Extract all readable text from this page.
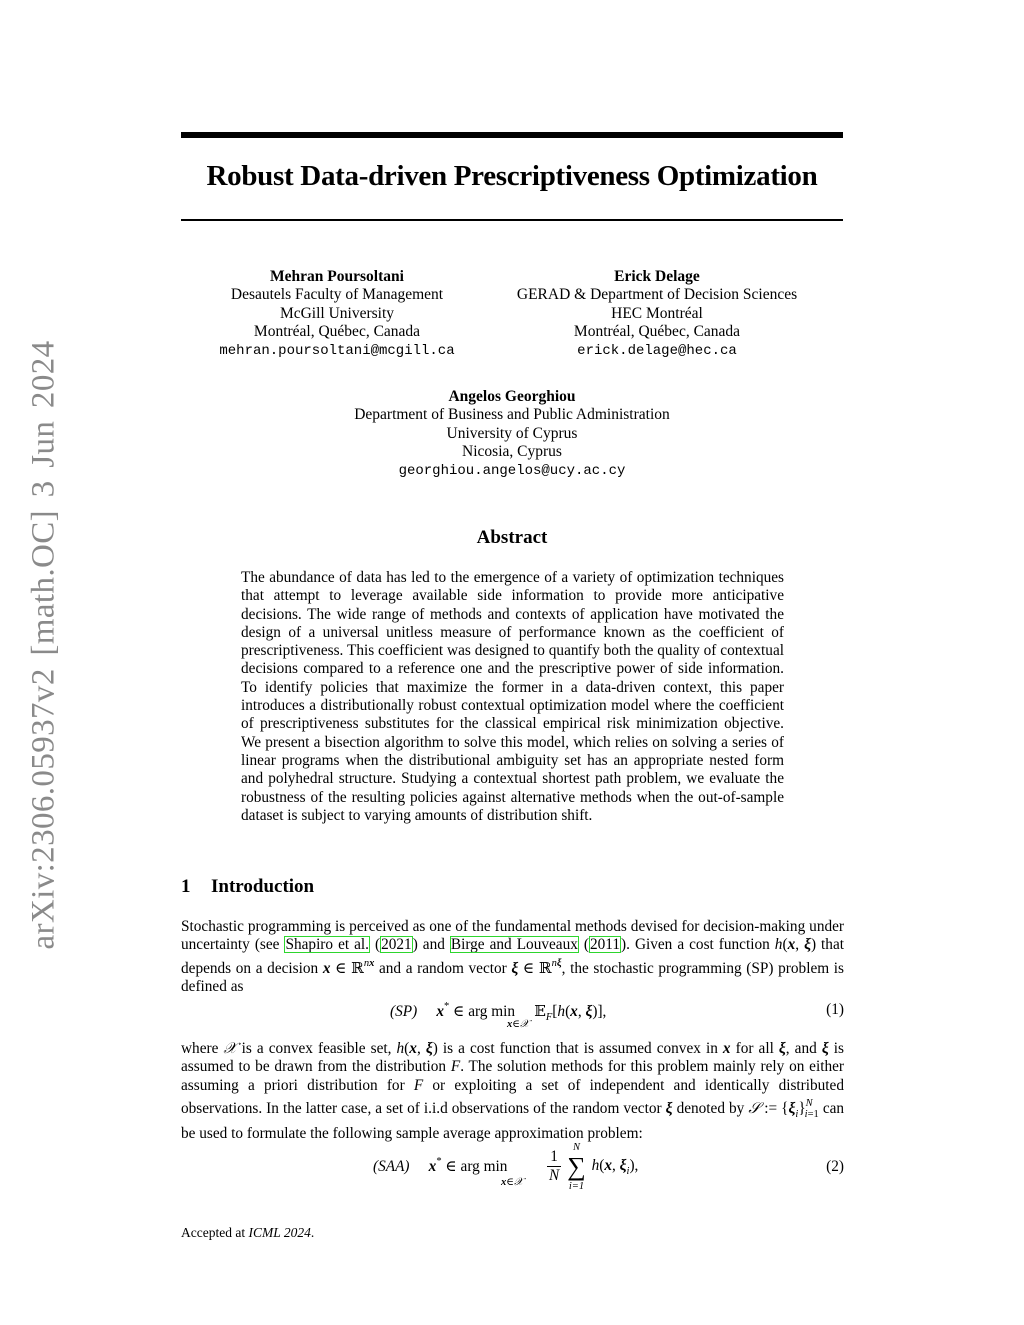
arXiv:2306.05937v2 [math.OC] 3 Jun 2024
Robust Data-driven Prescriptiveness Optimization
Mehran Poursoltani
Desautels Faculty of Management
McGill University
Montréal, Québec, Canada
mehran.poursoltani@mcgill.ca
Erick Delage
GERAD & Department of Decision Sciences
HEC Montréal
Montréal, Québec, Canada
erick.delage@hec.ca
Angelos Georghiou
Department of Business and Public Administration
University of Cyprus
Nicosia, Cyprus
georghiou.angelos@ucy.ac.cy
Abstract
The abundance of data has led to the emergence of a variety of optimization techniques that attempt to leverage available side information to provide more anticipative decisions. The wide range of methods and contexts of application have motivated the design of a universal unitless measure of performance known as the coefficient of prescriptiveness. This coefficient was designed to quantify both the quality of contextual decisions compared to a reference one and the prescriptive power of side information. To identify policies that maximize the former in a data-driven context, this paper introduces a distributionally robust contextual optimization model where the coefficient of prescriptiveness substitutes for the classical empirical risk minimization objective. We present a bisection algorithm to solve this model, which relies on solving a series of linear programs when the distributional ambiguity set has an appropriate nested form and polyhedral structure. Studying a contextual shortest path problem, we evaluate the robustness of the resulting policies against alternative methods when the out-of-sample dataset is subject to varying amounts of distribution shift.
1 Introduction
Stochastic programming is perceived as one of the fundamental methods devised for decision-making under uncertainty (see Shapiro et al. (2021) and Birge and Louveaux (2011). Given a cost function h(x, ξ) that depends on a decision x ∈ ℝ$^{nx}$ and a random vector ξ ∈ ℝ$^{n\xi}$, the stochastic programming (SP) problem is defined as
(SP) x* ∈ arg min     𝔼$_F$[h(x, ξ)],
x∈𝒳
(1)
where 𝒳 is a convex feasible set, h(x, ξ) is a cost function that is assumed convex in x for all ξ, and ξ is assumed to be drawn from the distribution F. The solution methods for this problem mainly rely on either assuming a priori distribution for F or exploiting a set of independent and identically distributed observations. In the latter case, a set of i.i.d observations of the random vector ξ denoted by 𝒮 := $\{\xi_i\}^N_{i=1}$ can be used to formulate the following sample average approximation problem:
(SAA) x* ∈ arg min
x∈𝒳 $\frac{1}{N}$ ∑
N
i=1
h(x, $\xi_i$),	(2)
Accepted at ICML 2024.
